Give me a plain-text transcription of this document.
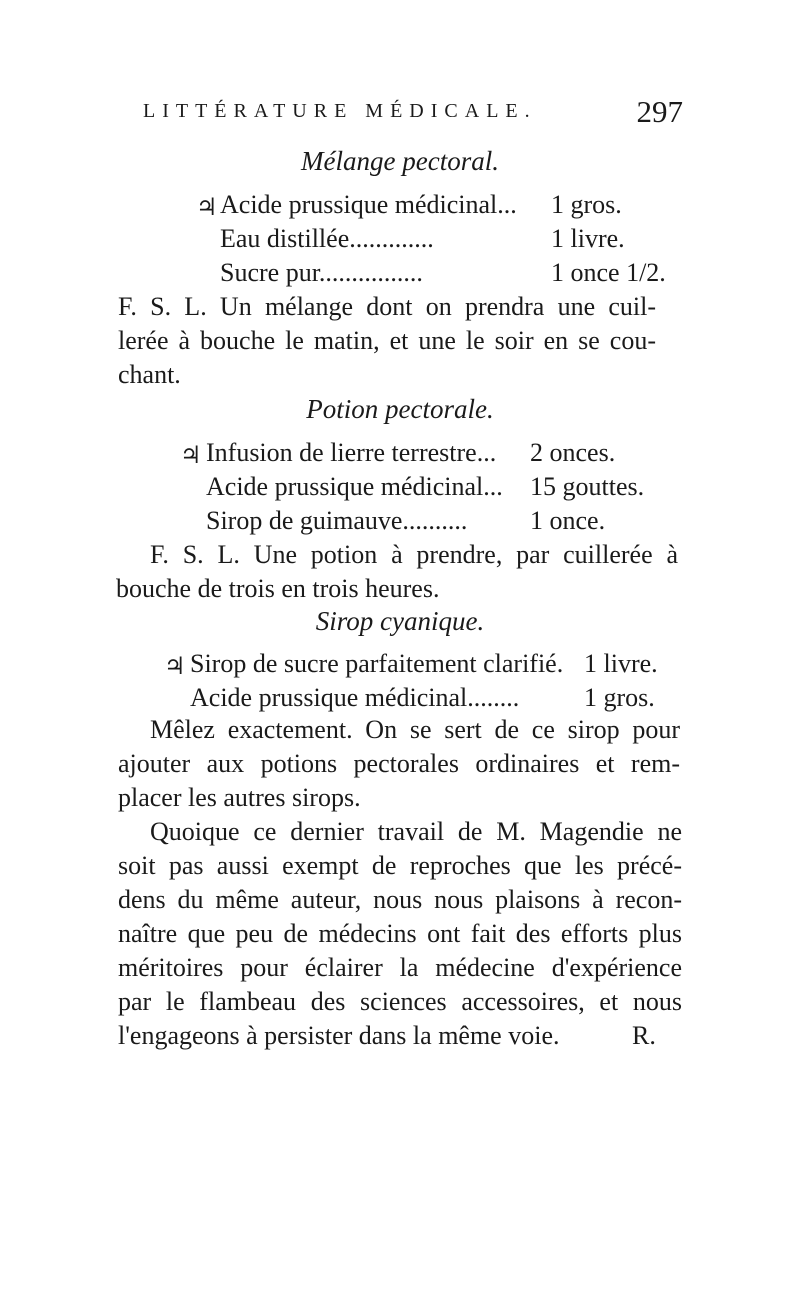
LITTÉRATURE MÉDICALE.	297
Mélange pectoral.
♃ Acide prussique médicinal... 1 gros.
Eau distillée.............	1 livre.
Sucre pur................	1 once 1/2.
F. S. L. Un mélange dont on prendra une cuil-
lerée à bouche le matin, et une le soir en se cou-
chant.
Potion pectorale.
♃ Infusion de lierre terrestre... 2 onces.
Acide prussique médicinal... 15 gouttes.
Sirop de guimauve.......... 1 once.
F. S. L. Une potion à prendre, par cuillerée à
bouche de trois en trois heures.
Sirop cyanique.
♃ Sirop de sucre parfaitement clarifié. 1 livre.
Acide prussique médicinal........ 1 gros.
Mêlez exactement. On se sert de ce sirop pour
ajouter aux potions pectorales ordinaires et rem-
placer les autres sirops.
Quoique ce dernier travail de M. Magendie ne
soit pas aussi exempt de reproches que les précé-
dens du même auteur, nous nous plaisons à recon-
naître que peu de médecins ont fait des efforts plus
méritoires pour éclairer la médecine d'expérience
par le flambeau des sciences accessoires, et nous
l'engageons à persister dans la même voie.	R.
